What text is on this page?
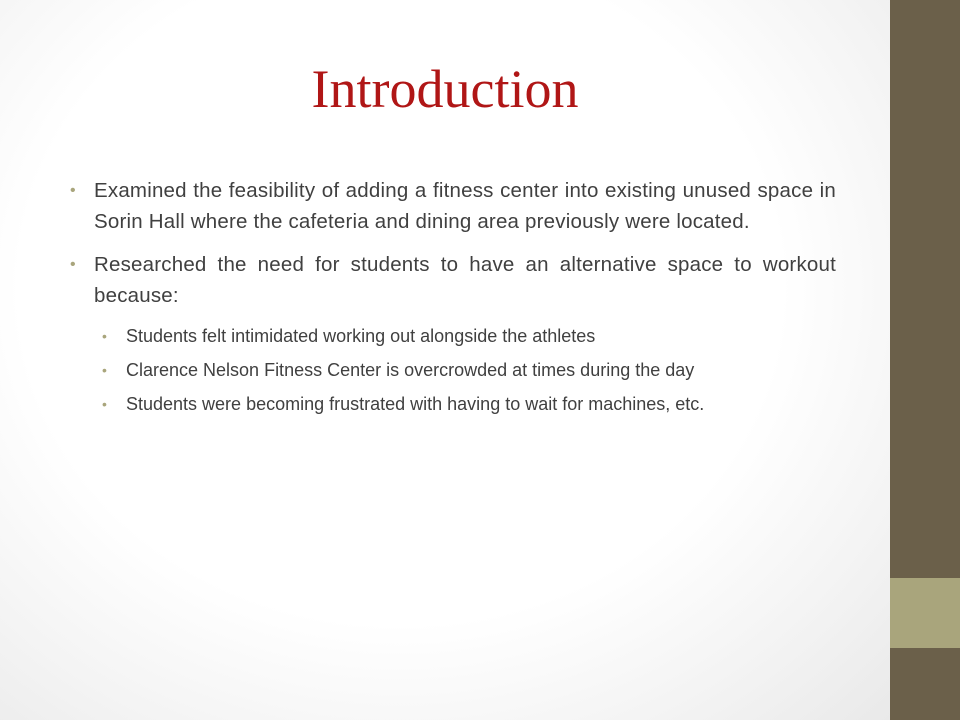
Introduction
• Examined the feasibility of adding a fitness center into existing unused space in Sorin Hall where the cafeteria and dining area previously were located.
• Researched the need for students to have an alternative space to workout because:
• Students felt intimidated working out alongside the athletes
• Clarence Nelson Fitness Center is overcrowded at times during the day
• Students were becoming frustrated with having to wait for machines, etc.
